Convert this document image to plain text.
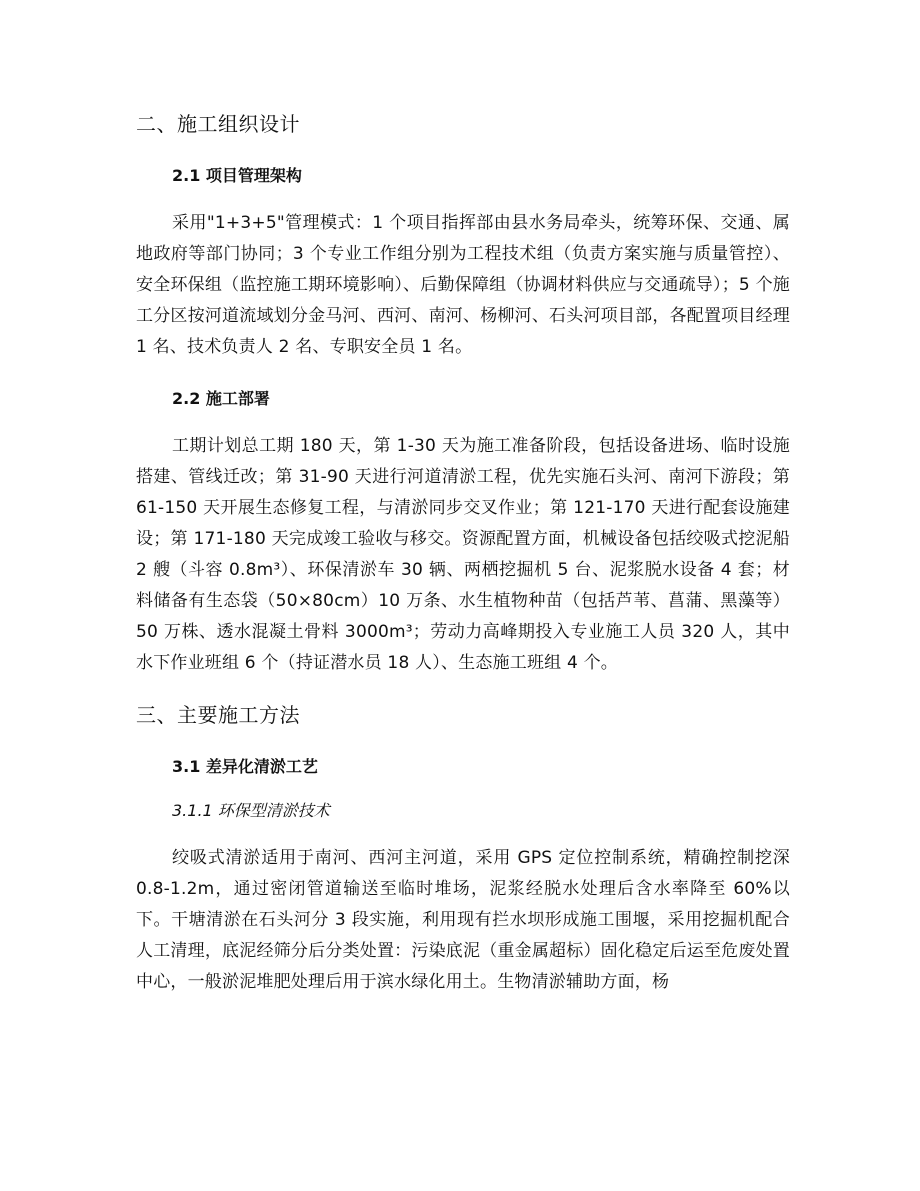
二、施工组织设计
2.1 项目管理架构

采用"1+3+5"管理模式：1 个项目指挥部由县水务局牵头，统筹环保、交通、属地政府等部门协同；3 个专业工作组分别为工程技术组（负责方案实施与质量管控）、安全环保组（监控施工期环境影响）、后勤保障组（协调材料供应与交通疏导）；5 个施工分区按河道流域划分金马河、西河、南河、杨柳河、石头河项目部，各配置项目经理 1 名、技术负责人 2 名、专职安全员 1 名。

2.2 施工部署

工期计划总工期 180 天，第 1-30 天为施工准备阶段，包括设备进场、临时设施搭建、管线迁改；第 31-90 天进行河道清淤工程，优先实施石头河、南河下游段；第 61-150 天开展生态修复工程，与清淤同步交叉作业；第 121-170 天进行配套设施建设；第 171-180 天完成竣工验收与移交。资源配置方面，机械设备包括绞吸式挖泥船 2 艘（斗容 0.8m³）、环保清淤车 30 辆、两栖挖掘机 5 台、泥浆脱水设备 4 套；材料储备有生态袋（50×80cm）10 万条、水生植物种苗（包括芦苇、菖蒲、黑藻等）50 万株、透水混凝土骨料 3000m³；劳动力高峰期投入专业施工人员 320 人，其中水下作业班组 6 个（持证潜水员 18 人）、生态施工班组 4 个。

三、主要施工方法
3.1 差异化清淤工艺
3.1.1 环保型清淤技术

绞吸式清淤适用于南河、西河主河道，采用 GPS 定位控制系统，精确控制挖深 0.8-1.2m，通过密闭管道输送至临时堆场，泥浆经脱水处理后含水率降至 60%以下。干塘清淤在石头河分 3 段实施，利用现有拦水坝形成施工围堰，采用挖掘机配合人工清理，底泥经筛分后分类处置：污染底泥（重金属超标）固化稳定后运至危废处置中心，一般淤泥堆肥处理后用于滨水绿化用土。生物清淤辅助方面，杨
